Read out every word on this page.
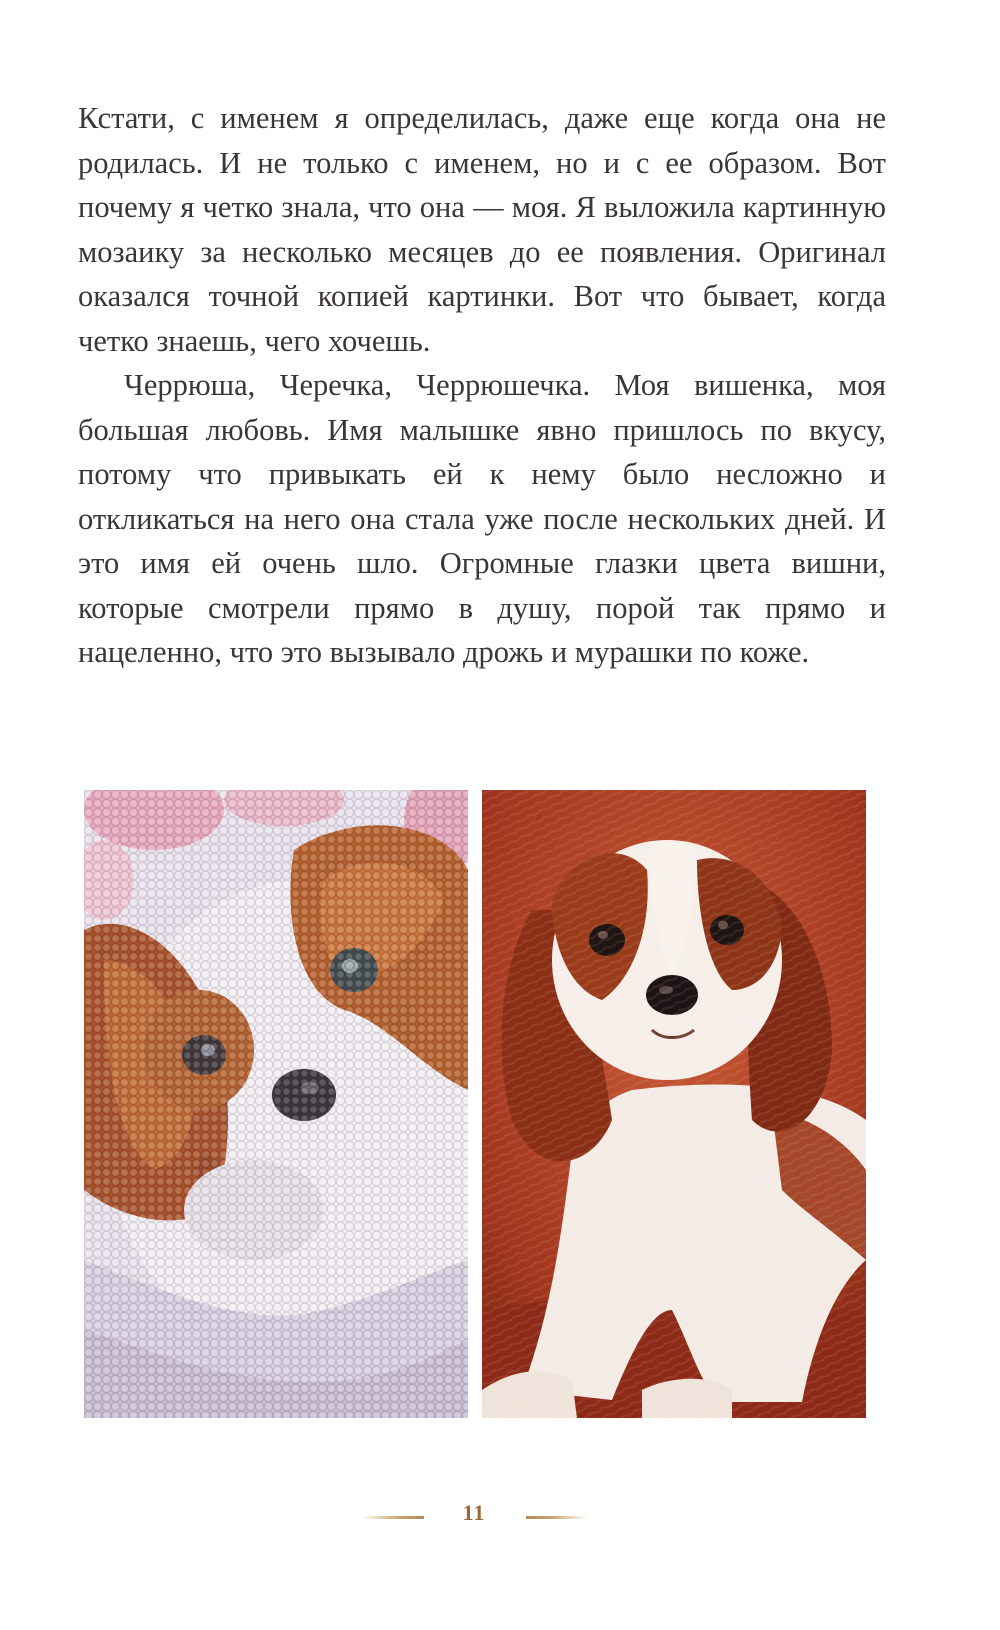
Кстати, с именем я определилась, даже еще когда она не родилась. И не только с именем, но и с ее образом. Вот почему я четко знала, что она — моя. Я выложила картинную мозаику за несколько месяцев до ее появления. Оригинал оказался точной копией картинки. Вот что бывает, когда четко знаешь, чего хочешь.

Черрюша, Черечка, Черрюшечка. Моя вишенка, моя большая любовь. Имя малышке явно пришлось по вкусу, потому что привыкать ей к нему было несложно и откликаться на него она стала уже после нескольких дней. И это имя ей очень шло. Огромные глазки цвета вишни, которые смотрели прямо в душу, порой так прямо и нацеленно, что это вызывало дрожь и мурашки по коже.

11
